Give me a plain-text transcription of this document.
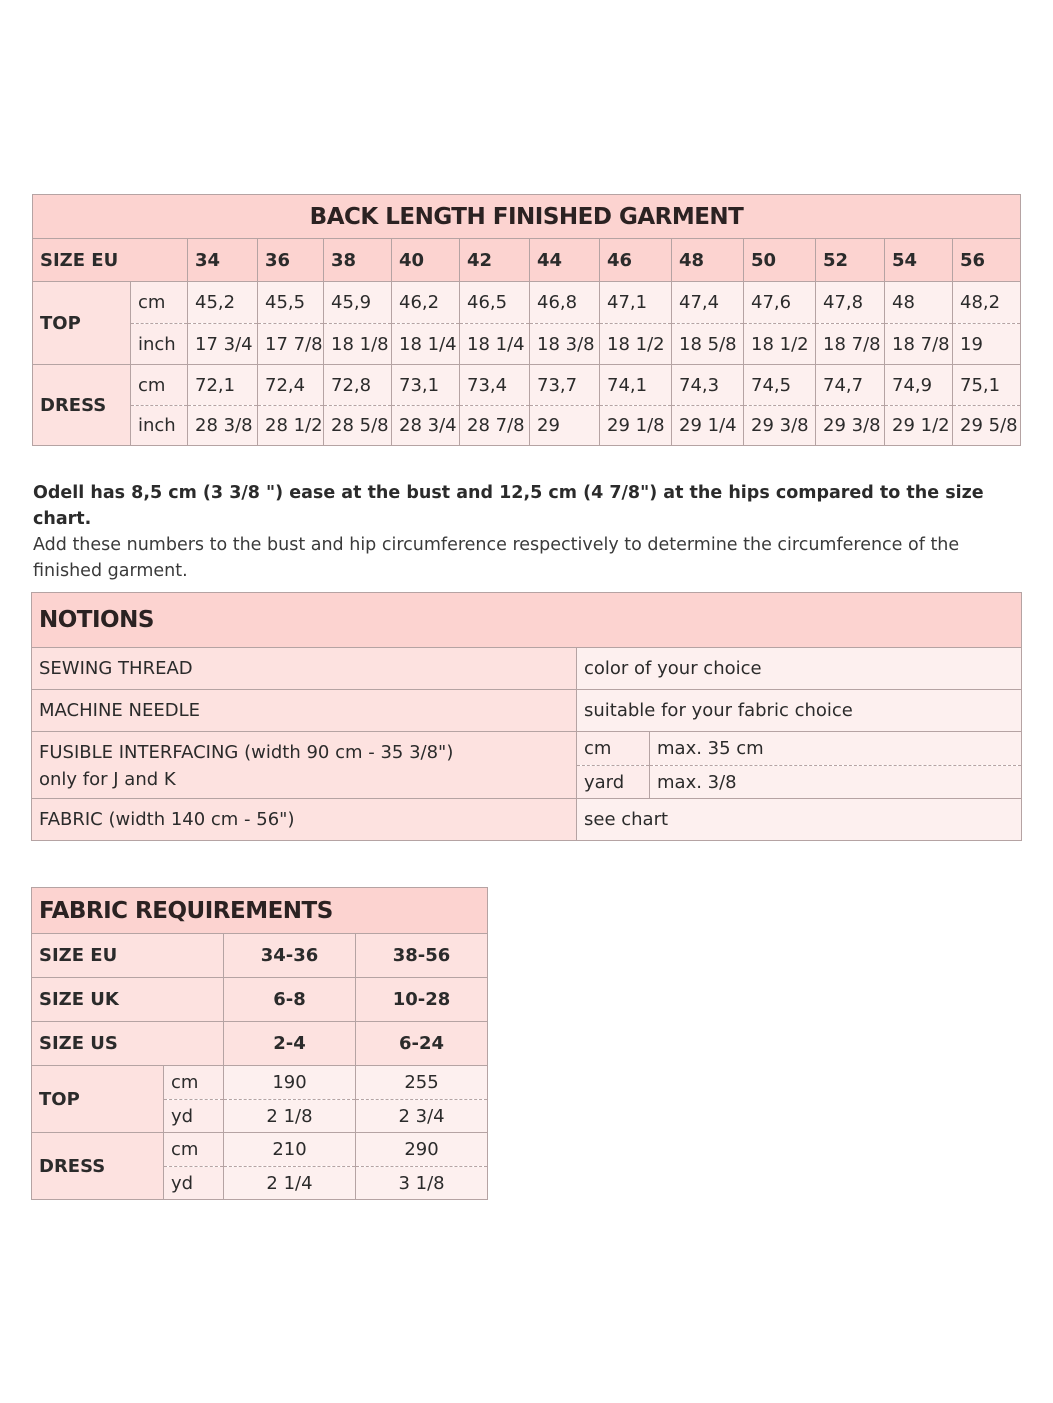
BACK LENGTH FINISHED GARMENT													
SIZE EU		34	36	38	40	42	44	46	48	50	52	54	56
TOP	cm	45,2	45,5	45,9	46,2	46,5	46,8	47,1	47,4	47,6	47,8	48	48,2
	inch	17 3/4	17 7/8	18 1/8	18 1/4	18 1/4	18 3/8	18 1/2	18 5/8	18 1/2	18 7/8	18 7/8	19
DRESS	cm	72,1	72,4	72,8	73,1	73,4	73,7	74,1	74,3	74,5	74,7	74,9	75,1
	inch	28 3/8	28 1/2	28 5/8	28 3/4	28 7/8	29	29 1/8	29 1/4	29 3/8	29 3/8	29 1/2	29 5/8
Odell has 8,5 cm (3 3/8 ") ease at the bust and 12,5 cm (4 7/8") at the hips compared to the size chart.
Add these numbers to the bust and hip circumference respectively to determine the circumference of the finished garment.
NOTIONS		
SEWING THREAD	color of your choice	
MACHINE NEEDLE	suitable for your fabric choice	

FUSIBLE INTERFACING (width 90 cm - 35 3/8")
only for J and K	cm	max. 35 cm
	yard	max. 3/8
FABRIC (width 140 cm - 56")	see chart	
FABRIC REQUIREMENTS			
SIZE EU		34-36	38-56
SIZE UK		6-8	10-28
SIZE US		2-4	6-24
TOP	cm	190	255
	yd	2 1/8	2 3/4
DRESS	cm	210	290
	yd	2 1/4	3 1/8
